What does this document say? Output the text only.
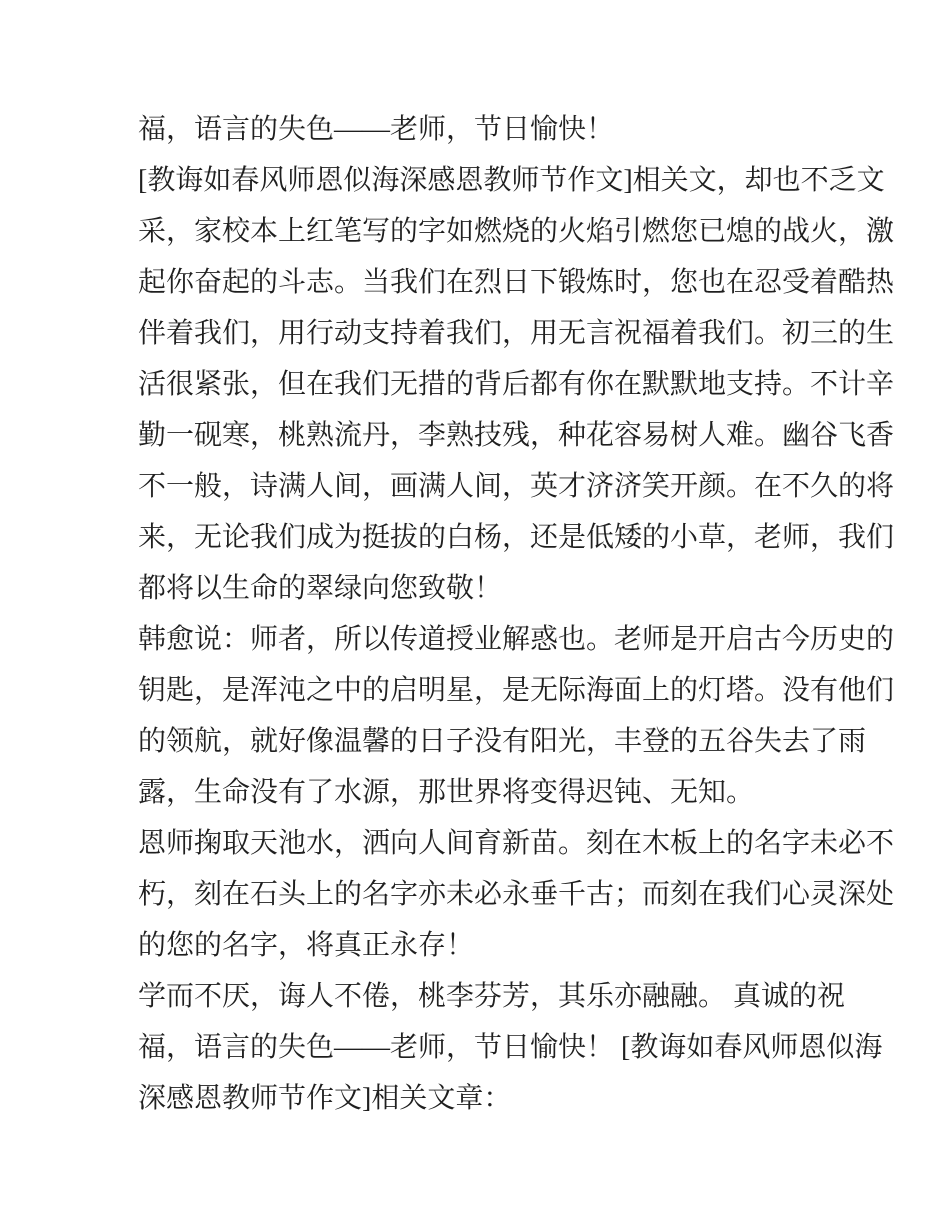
福，语言的失色——老师，节日愉快！
[教诲如春风师恩似海深感恩教师节作文]相关文，却也不乏文
采，家校本上红笔写的字如燃烧的火焰引燃您已熄的战火，激
起你奋起的斗志。当我们在烈日下锻炼时，您也在忍受着酷热
伴着我们，用行动支持着我们，用无言祝福着我们。初三的生
活很紧张，但在我们无措的背后都有你在默默地支持。不计辛
勤一砚寒，桃熟流丹，李熟技残，种花容易树人难。幽谷飞香
不一般，诗满人间，画满人间，英才济济笑开颜。在不久的将
来，无论我们成为挺拔的白杨，还是低矮的小草，老师，我们
都将以生命的翠绿向您致敬！
韩愈说：师者，所以传道授业解惑也。老师是开启古今历史的
钥匙，是浑沌之中的启明星，是无际海面上的灯塔。没有他们
的领航，就好像温馨的日子没有阳光，丰登的五谷失去了雨
露，生命没有了水源，那世界将变得迟钝、无知。
恩师掬取天池水，洒向人间育新苗。刻在木板上的名字未必不
朽，刻在石头上的名字亦未必永垂千古；而刻在我们心灵深处
的您的名字，将真正永存！
学而不厌，诲人不倦，桃李芬芳，其乐亦融融。 真诚的祝
福，语言的失色——老师，节日愉快！ [教诲如春风师恩似海
深感恩教师节作文]相关文章：
